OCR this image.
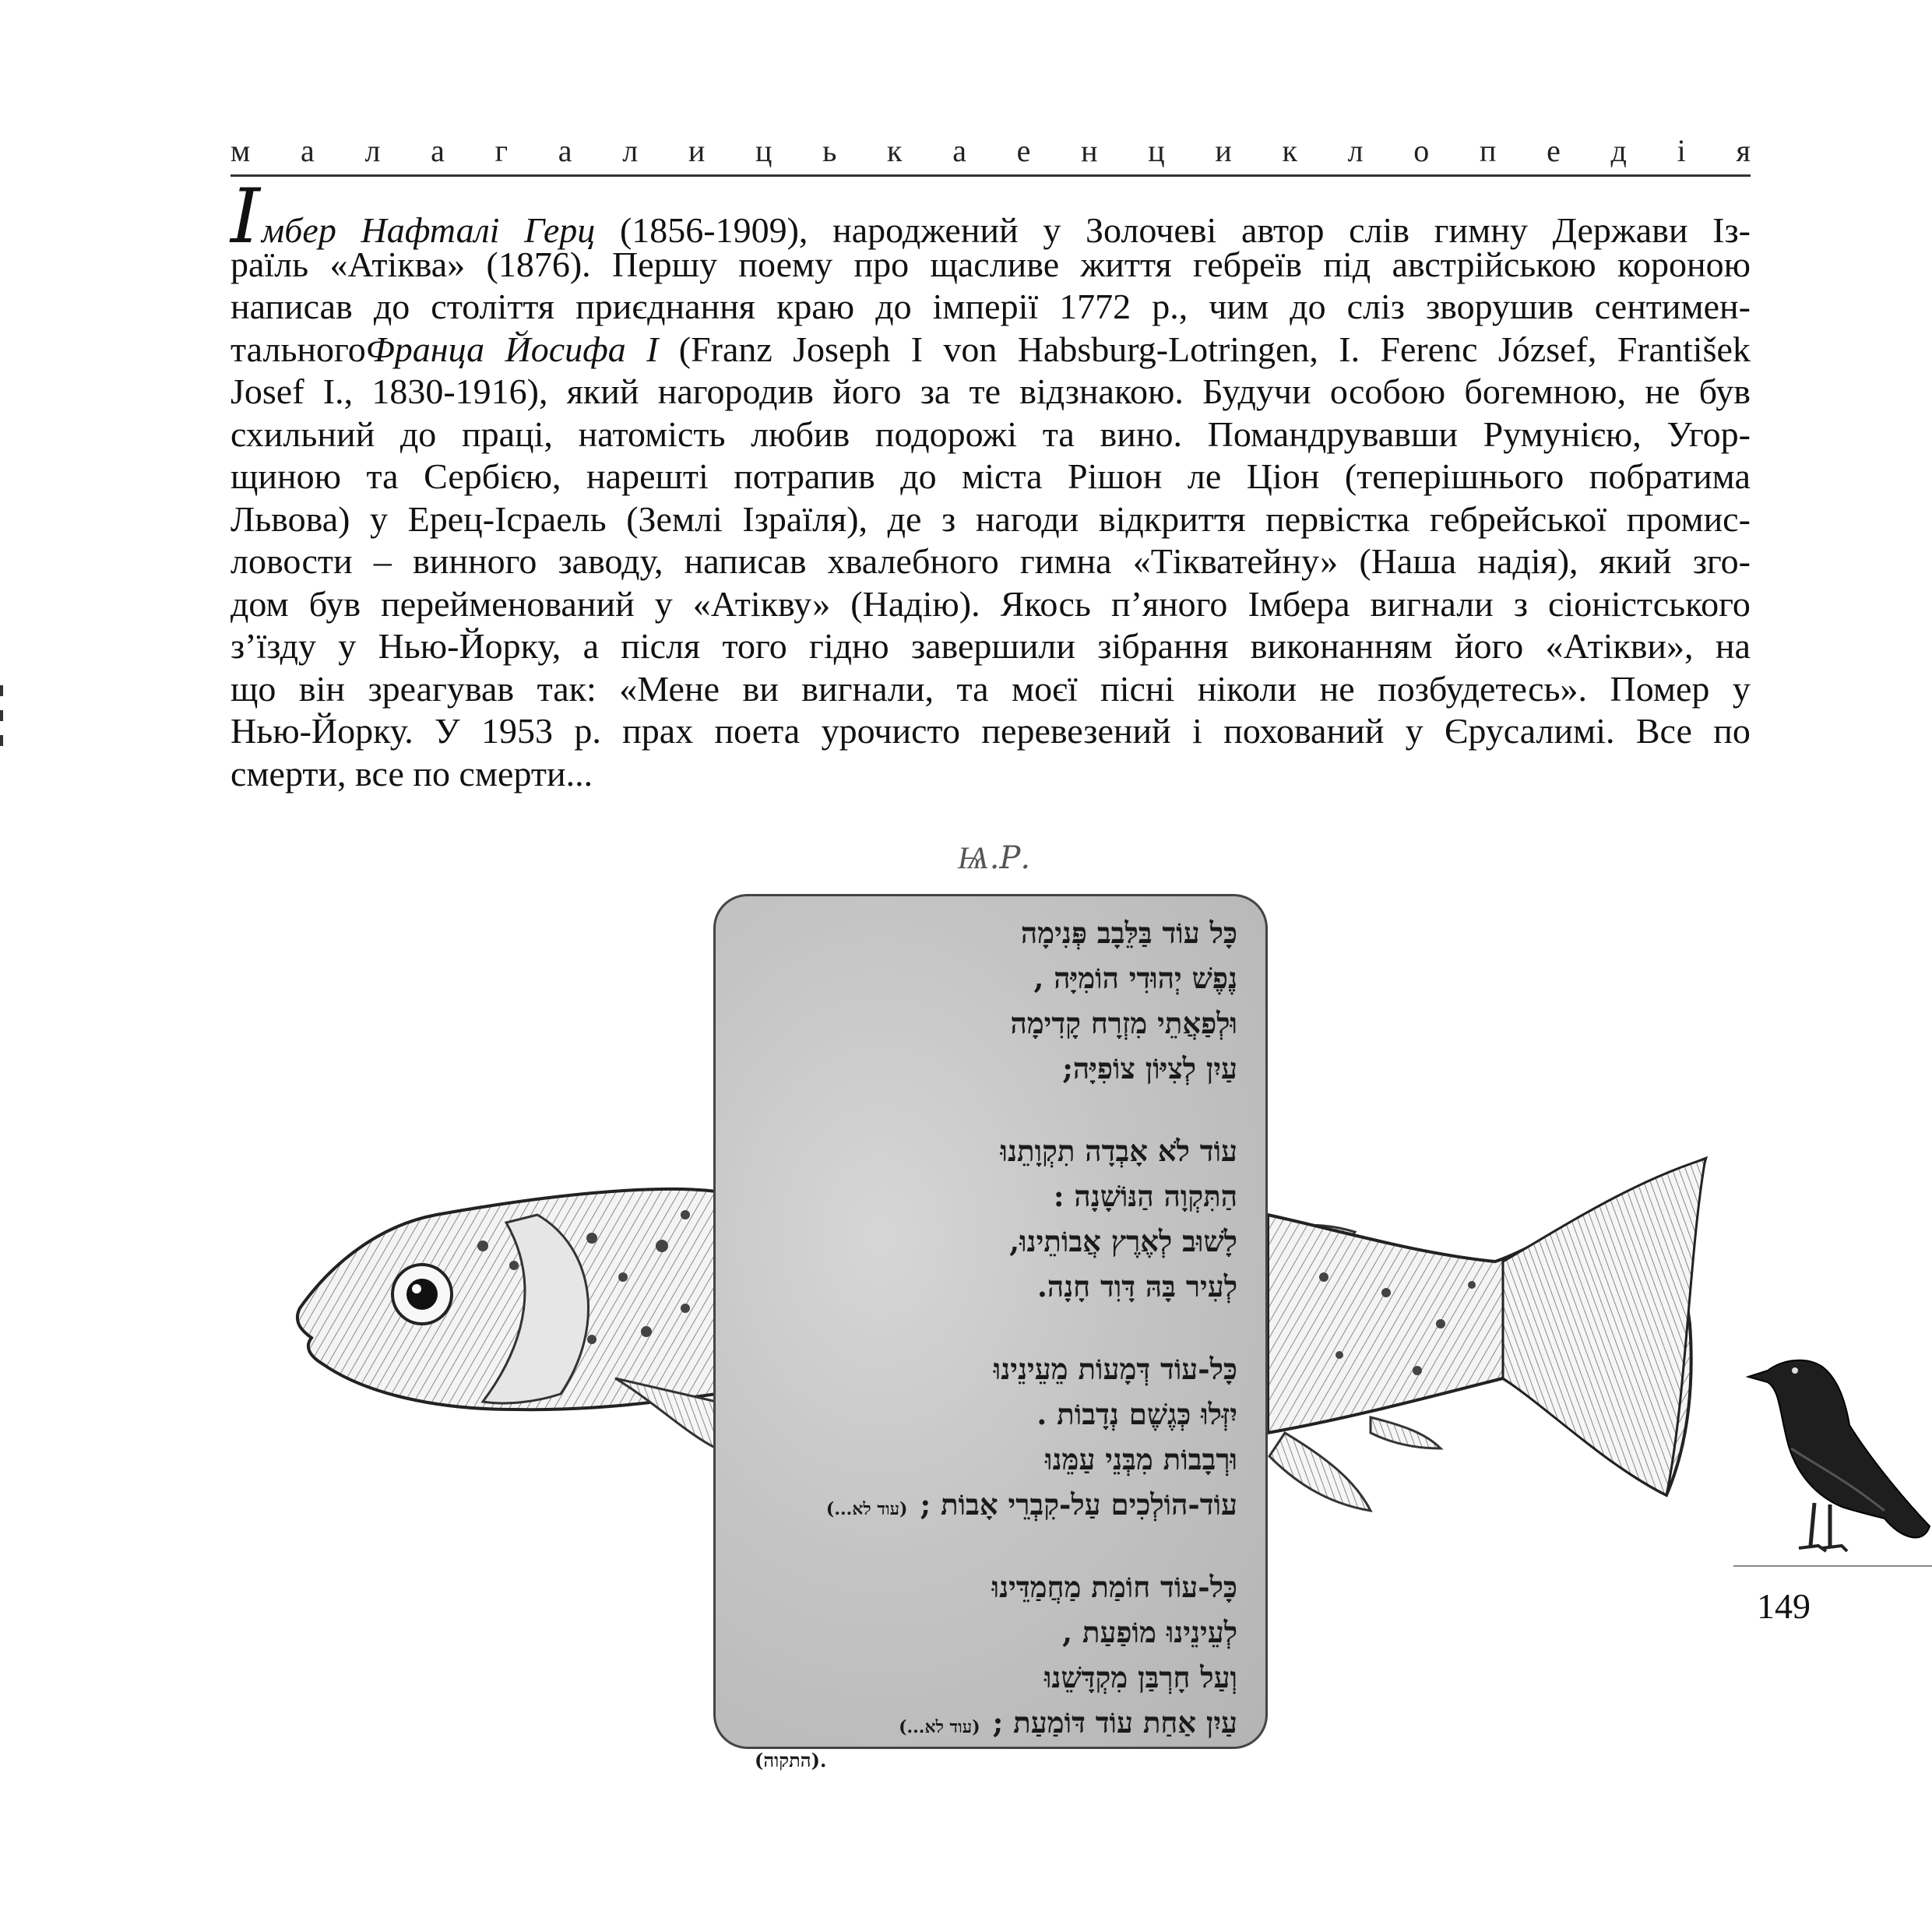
м а л а г а л и ц ь к а е н ц и к л о п е д і я
Імбер Нафталі Герц (1856-1909), народжений у Золочеві автор слів гимну Держави Із-
раїль «Атіква» (1876). Першу поему про щасливе життя гебреїв під австрійською короною
написав до століття приєднання краю до імперії 1772 р., чим до сліз зворушив сентимен-
тальногоФранца Йосифа І (Franz Joseph I von Habsburg-Lotringen, I. Ferenc József, František
Josef I., 1830-1916), який нагородив його за те відзнакою. Будучи особою богемною, не був
схильний до праці, натомість любив подорожі та вино. Помандрувавши Румунією, Угор-
щиною та Сербією, нарешті потрапив до міста Рішон ле Ціон (теперішнього побратима
Львова) у Ерец-Ісраель (Землі Ізраїля), де з нагоди відкриття первістка гебрейської промис-
ловости – винного заводу, написав хвалебного гимна «Тікватейну» (Наша надія), який зго-
дом був перейменований у «Атікву» (Надію). Якось п’яного Імбера вигнали з сіоністського
з’їзду у Нью-Йорку, а після того гідно завершили зібрання виконанням його «Атікви», на
що він зреагував так: «Мене ви вигнали, та моєї пісні ніколи не позбудетесь». Помер у
Нью-Йорку. У 1953 р. прах поета урочисто перевезений і похований у Єрусалимі. Все по
смерти, все по смерти...
Ѩ.Р.
כָּל עוֹד בַּלֵּבָב פְּנִימָה
נֶפֶשׁ יְהוּדִי הוֹמִיָּה ,
וּלְפַאֲתֵי מִזְרָח קָדִימָה
עַיִן לְצִיּוֹן צוֹפִיָּה;
עוֹד לֹא אָבְדָה תִקְוָתֵנוּ
הַתִּקְוָה הַנּוֹשָׁנָה :
לָשׁוּב לְאֶרֶץ אֲבוֹתֵינוּ,
לְעִיר בָּהּ דָּוִד חָנָה.
כָּל-עוֹד דְּמָעוֹת מֵעֵינֵינוּ
יִזְּלוּ כְּגֶשֶׁם נְדָבוֹת .
וּרְבָבוֹת מִבְּנֵי עַמֵּנוּ
עוֹד-הוֹלְכִים עַל-קִבְרֵי אָבוֹת ;(עוד לא...)
כָּל-עוֹד חוֹמַת מַחֲמַדֵּינוּ
לְעֵינֵינוּ מוֹפַעַת ,
וְעַל חָרְבַּן מִקְדָּשֵׁנוּ
עַיִן אַחַת עוֹד דּוֹמַעַת ;(עוד לא...)
(התקוה).
149
